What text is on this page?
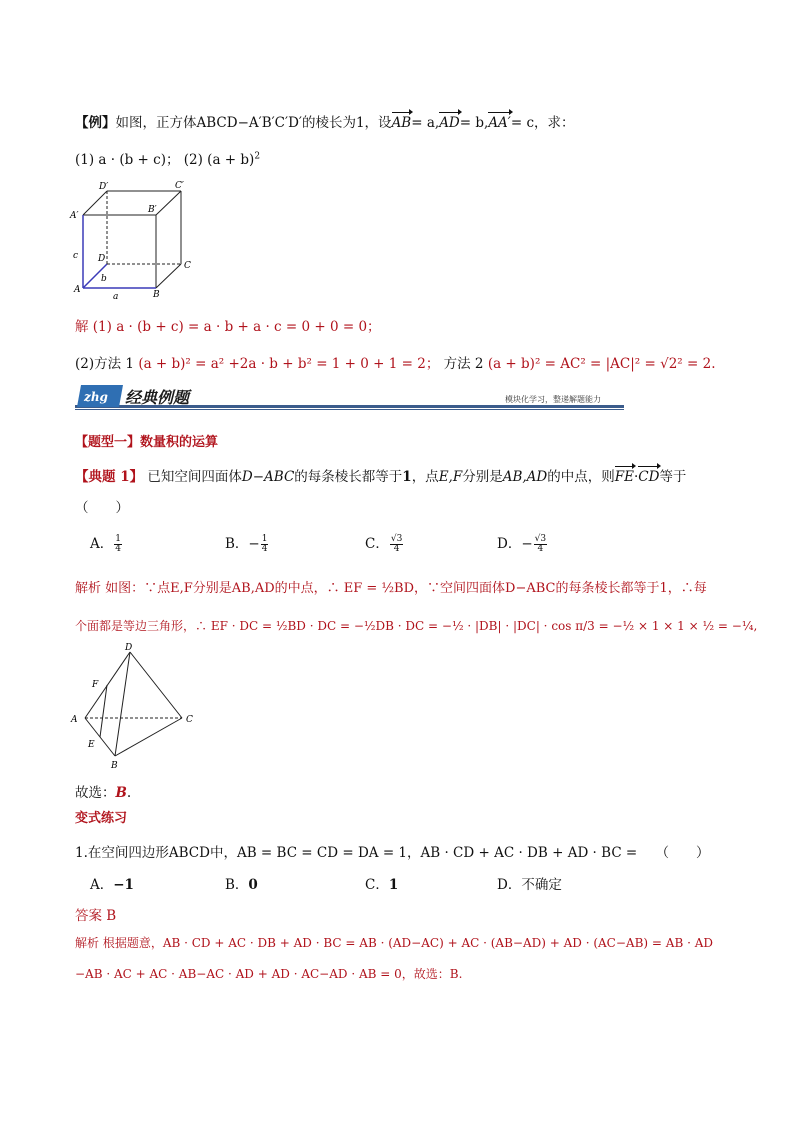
【例】如图，正方体ABCD−A′B′C′D′的棱长为1，设AB= a,AD= b,AA′= c，求：
(1) a · (b + c)； (2) $(a + b)^2$
D′	C′
A′
B′
D
C
A	B
c
b
a
解 (1) a · (b + c) = a · b + a · c = 0 + 0 = 0；
(2)方法 1 (a + b)² = a² +2a · b + b² = 1 + 0 + 1 = 2； 方法 2 (a + b)² = AC² = |AC|² = √2² = 2.
zhg 经典例题	模块化学习，整递解题能力
【题型一】数量积的运算
【典题 1】 已知空间四面体D−ABC的每条棱长都等于1，点E,F分别是AB,AD的中点，则FE·CD等于
（　　）
A． $\frac{1}{4}$	B．− $\frac{1}{4}$	C． $\frac{√3}{4}$	D．− $\frac{√3}{4}$
解析 如图：∵点E,F分别是AB,AD的中点，∴ EF = ½BD，∵空间四面体D−ABC的每条棱长都等于1，∴每
个面都是等边三角形，∴ EF · DC = ½BD · DC = −½DB · DC = −½ · |DB| · |DC| · cos π/3 = −½ × 1 × 1 × ½ = −¼,
D
F
A	C
E
B
故选：B.
变式练习
1.在空间四边形ABCD中，AB = BC = CD = DA = 1，AB · CD + AC · DB + AD · BC = （　　）
A．−1	B．0	C．1	D．不确定
答案 B
解析 根据题意，AB · CD + AC · DB + AD · BC = AB · (AD−AC) + AC · (AB−AD) + AD · (AC−AB) = AB · AD
−AB · AC + AC · AB−AC · AD + AD · AC−AD · AB = 0，故选：B.
